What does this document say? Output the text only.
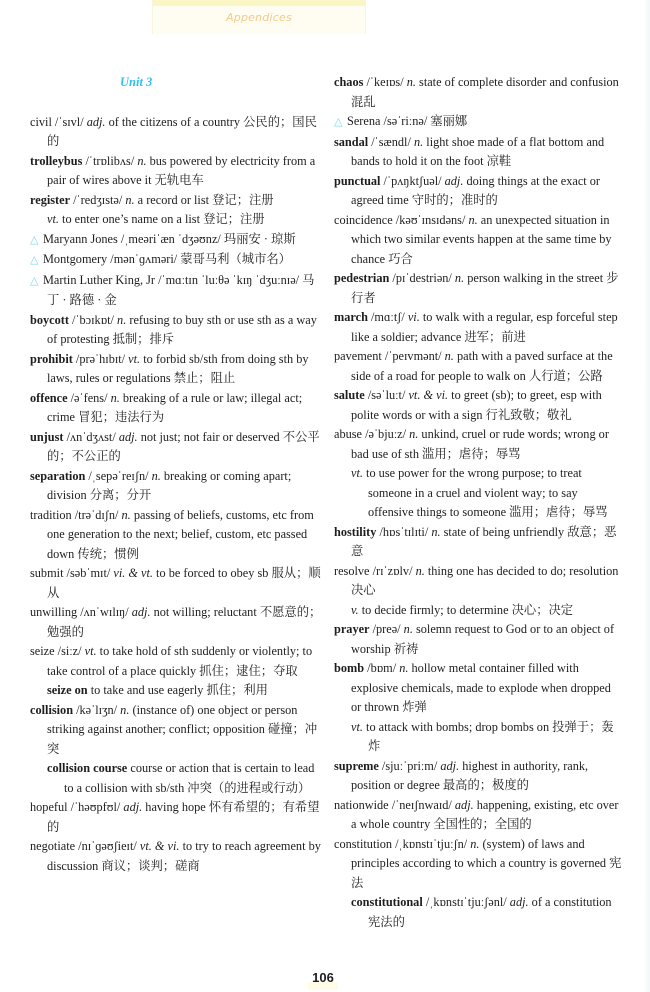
Appendices
Unit 3
civil /ˈsɪvl/ adj. of the citizens of a country 公民的；国民的
trolleybus /ˈtrɒlibʌs/ n. bus powered by electricity from a pair of wires above it 无轨电车
register /ˈredʒɪstə/ n. a record or list 登记；注册
vt. to enter one’s name on a list 登记；注册
△ Maryann Jones /ˌmeəriˈæn ˈdʒəʊnz/ 玛丽安 · 琼斯
△ Montgomery /mənˈɡʌməri/ 蒙哥马利（城市名）
△ Martin Luther King, Jr /ˈmɑːtɪn ˈluːθə ˈkɪŋ ˈdʒuːnɪə/ 马丁 · 路德 · 金
boycott /ˈbɔɪkɒt/ n. refusing to buy sth or use sth as a way of protesting 抵制；排斥
prohibit /prəˈhɪbɪt/ vt. to forbid sb/sth from doing sth by laws, rules or regulations 禁止；阻止
offence /əˈfens/ n. breaking of a rule or law; illegal act; crime 冒犯；违法行为
unjust /ʌnˈdʒʌst/ adj. not just; not fair or deserved 不公平的；不公正的
separation /ˌsepəˈreɪʃn/ n. breaking or coming apart; division 分离；分开
tradition /trəˈdɪʃn/ n. passing of beliefs, customs, etc from one generation to the next; belief, custom, etc passed down 传统；惯例
submit /səbˈmɪt/ vi. & vt. to be forced to obey sb 服从；顺从
unwilling /ʌnˈwɪlɪŋ/ adj. not willing; reluctant 不愿意的；勉强的
seize /siːz/ vt. to take hold of sth suddenly or violently; to take control of a place quickly 抓住；逮住；夺取
seize on to take and use eagerly 抓住；利用
collision /kəˈlɪʒn/ n. (instance of) one object or person striking against another; conflict; opposition 碰撞；冲突
collision course course or action that is certain to lead to a collision with sb/sth 冲突（的进程或行动）
hopeful /ˈhəʊpfʊl/ adj. having hope 怀有希望的；有希望的
negotiate /nɪˈɡəʊʃieɪt/ vt. & vi. to try to reach agreement by discussion 商议；谈判；磋商
chaos /ˈkeɪɒs/ n. state of complete disorder and confusion 混乱
△ Serena /səˈriːnə/ 塞丽娜
sandal /ˈsændl/ n. light shoe made of a flat bottom and bands to hold it on the foot 凉鞋
punctual /ˈpʌŋktʃuəl/ adj. doing things at the exact or agreed time 守时的；准时的
coincidence /kəʊˈɪnsɪdəns/ n. an unexpected situation in which two similar events happen at the same time by chance 巧合
pedestrian /pɪˈdestriən/ n. person walking in the street 步行者
march /mɑːtʃ/ vi. to walk with a regular, esp forceful step like a soldier; advance 进军；前进
pavement /ˈpeɪvmənt/ n. path with a paved surface at the side of a road for people to walk on 人行道；公路
salute /səˈluːt/ vt. & vi. to greet (sb); to greet, esp with polite words or with a sign 行礼致敬；敬礼
abuse /əˈbjuːz/ n. unkind, cruel or rude words; wrong or bad use of sth 滥用；虐待；辱骂
vt. to use power for the wrong purpose; to treat someone in a cruel and violent way; to say offensive things to someone 滥用；虐待；辱骂
hostility /hɒsˈtɪlɪti/ n. state of being unfriendly 敌意；恶意
resolve /rɪˈzɒlv/ n. thing one has decided to do; resolution 决心
v. to decide firmly; to determine 决心；决定
prayer /preə/ n. solemn request to God or to an object of worship 祈祷
bomb /bɒm/ n. hollow metal container filled with explosive chemicals, made to explode when dropped or thrown 炸弹
vt. to attack with bombs; drop bombs on 投弹于；轰炸
supreme /sjuːˈpriːm/ adj. highest in authority, rank, position or degree 最高的；极度的
nationwide /ˈneɪʃnwaɪd/ adj. happening, existing, etc over a whole country 全国性的；全国的
constitution /ˌkɒnstɪˈtjuːʃn/ n. (system) of laws and principles according to which a country is governed 宪法
constitutional /ˌkɒnstɪˈtjuːʃənl/ adj. of a constitution 宪法的
106
